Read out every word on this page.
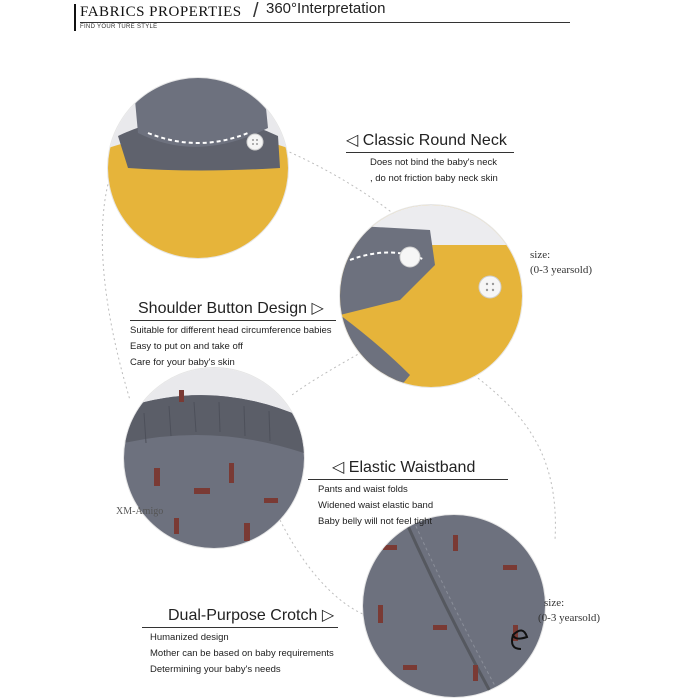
FABRICS PROPERTIES / 360°Interpretation
FIND YOUR TURE STYLE
◁ Classic Round Neck
Does not bind the baby's neck
, do not friction baby neck skin
Shoulder Button Design ▷
Suitable for different head circumference babies
Easy to put on and take off
Care for your baby's skin
◁ Elastic Waistband
Pants and waist folds
Widened waist elastic band
Baby belly will not feel tight
Dual-Purpose Crotch ▷
Humanized design
Mother can be based on baby requirements
Determining your baby's needs
size:
(0-3 yearsold)
size:
(0-3 yearsold)
XM-Amigo
